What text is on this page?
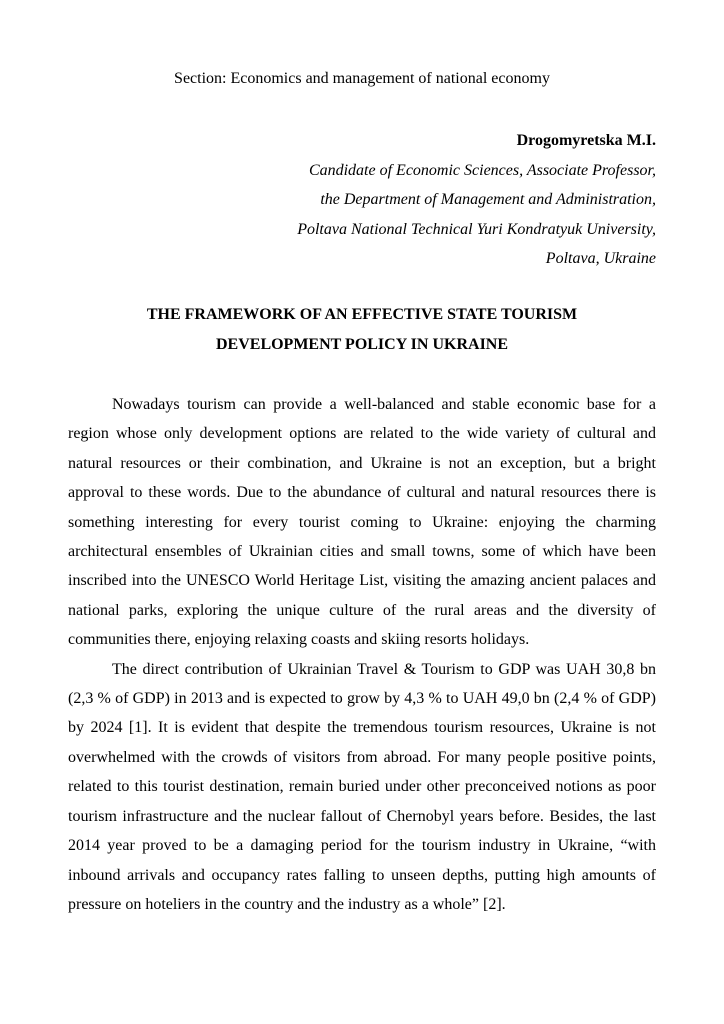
Section: Economics and management of national economy

Drogomyretska M.I.

Candidate of Economic Sciences, Associate Professor,

the Department of Management and Administration,

Poltava National Technical Yuri Kondratyuk University,

Poltava, Ukraine

THE FRAMEWORK OF AN EFFECTIVE STATE TOURISM

DEVELOPMENT POLICY IN UKRAINE

Nowadays tourism can provide a well-balanced and stable economic base for a region whose only development options are related to the wide variety of cultural and natural resources or their combination, and Ukraine is not an exception, but a bright approval to these words. Due to the abundance of cultural and natural resources there is something interesting for every tourist coming to Ukraine: enjoying the charming architectural ensembles of Ukrainian cities and small towns, some of which have been inscribed into the UNESCO World Heritage List, visiting the amazing ancient palaces and national parks, exploring the unique culture of the rural areas and the diversity of communities there, enjoying relaxing coasts and skiing resorts holidays.

The direct contribution of Ukrainian Travel & Tourism to GDP was UAH 30,8 bn (2,3 % of GDP) in 2013 and is expected to grow by 4,3 % to UAH 49,0 bn (2,4 % of GDP) by 2024 [1]. It is evident that despite the tremendous tourism resources, Ukraine is not overwhelmed with the crowds of visitors from abroad. For many people positive points, related to this tourist destination, remain buried under other preconceived notions as poor tourism infrastructure and the nuclear fallout of Chernobyl years before. Besides, the last 2014 year proved to be a damaging period for the tourism industry in Ukraine, “with inbound arrivals and occupancy rates falling to unseen depths, putting high amounts of pressure on hoteliers in the country and the industry as a whole” [2].
